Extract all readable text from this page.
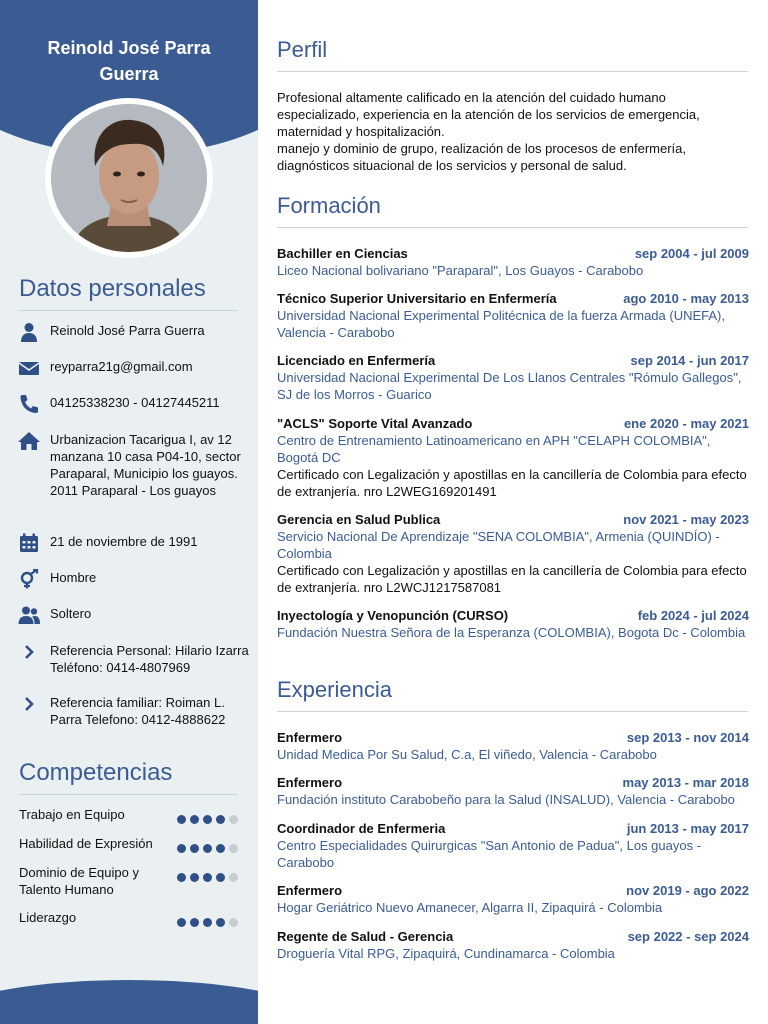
Reinold José Parra
Guerra
Datos personales
Reinold José Parra Guerra
reyparra21g@gmail.com
04125338230 - 04127445211
Urbanizacion Tacarigua I, av 12 manzana 10 casa P04-10, sector Paraparal, Municipio los guayos.
2011 Paraparal - Los guayos
21 de noviembre de 1991
Hombre
Soltero
Referencia Personal: Hilario Izarra Teléfono: 0414-4807969
Referencia familiar: Roiman L. Parra Telefono: 0412-4888622
Competencias
Trabajo en Equipo
Habilidad de Expresión
Dominio de Equipo y Talento Humano
Liderazgo
Perfil
Profesional altamente calificado en la atención del cuidado humano especializado, experiencia en la atención de los servicios de emergencia, maternidad y hospitalización.
manejo y dominio de grupo, realización de los procesos de enfermería, diagnósticos situacional de los servicios y personal de salud.
Formación
Bachiller en Ciencias	sep 2004 - jul 2009
Liceo Nacional bolivariano "Paraparal", Los Guayos - Carabobo
Técnico Superior Universitario en Enfermería	ago 2010 - may 2013
Universidad Nacional Experimental Politécnica de la fuerza Armada (UNEFA), Valencia - Carabobo
Licenciado en Enfermería	sep 2014 - jun 2017
Universidad Nacional Experimental De Los Llanos Centrales "Rómulo Gallegos", SJ de los Morros - Guarico
"ACLS" Soporte Vital Avanzado	ene 2020 - may 2021
Centro de Entrenamiento Latinoamericano en APH "CELAPH COLOMBIA", Bogotá DC
Certificado con Legalización y apostillas en la cancillería de Colombia para efecto de extranjería. nro L2WEG169201491
Gerencia en Salud Publica	nov 2021 - may 2023
Servicio Nacional De Aprendizaje "SENA COLOMBIA", Armenia (QUINDÍO) - Colombia
Certificado con Legalización y apostillas en la cancillería de Colombia para efecto de extranjería. nro L2WCJ1217587081
Inyectología y Venopunción (CURSO)	feb 2024 - jul 2024
Fundación Nuestra Señora de la Esperanza (COLOMBIA), Bogota Dc - Colombia
Experiencia
Enfermero	sep 2013 - nov 2014
Unidad Medica Por Su Salud, C.a, El viñedo, Valencia - Carabobo
Enfermero	may 2013 - mar 2018
Fundación instituto Carabobeño para la Salud (INSALUD), Valencia - Carabobo
Coordinador de Enfermeria	jun 2013 - may 2017
Centro Especialidades Quirurgicas "San Antonio de Padua", Los guayos - Carabobo
Enfermero	nov 2019 - ago 2022
Hogar Geriátrico Nuevo Amanecer, Algarra II, Zipaquirá - Colombia
Regente de Salud - Gerencia	sep 2022 - sep 2024
Droguería Vital RPG, Zipaquirá, Cundinamarca - Colombia
